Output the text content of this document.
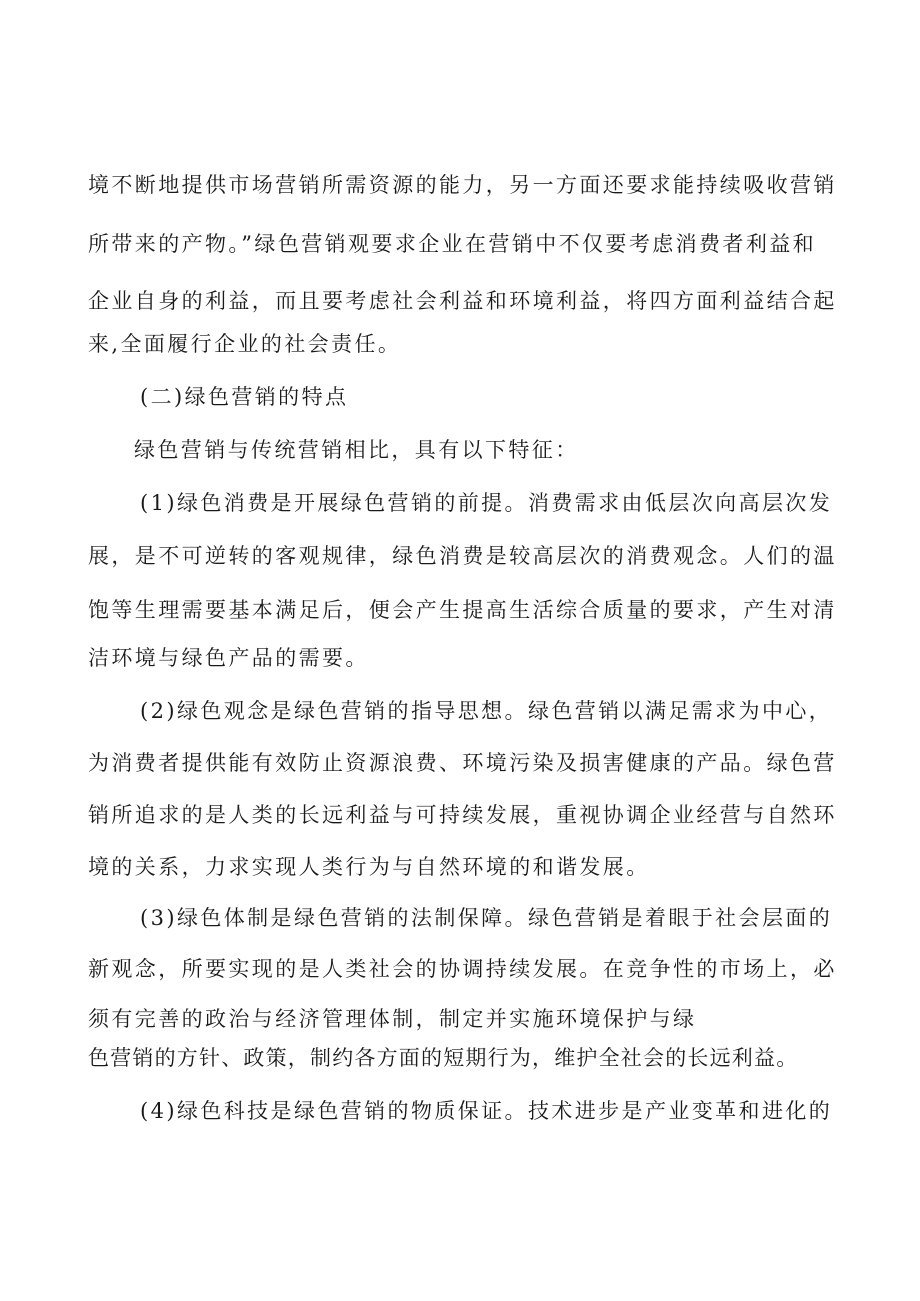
境不断地提供市场营销所需资源的能力，另一方面还要求能持续吸收营销
所带来的产物。”绿色营销观要求企业在营销中不仅要考虑消费者利益和
企业自身的利益，而且要考虑社会利益和环境利益，将四方面利益结合起
来,全面履行企业的社会责任。
(二)绿色营销的特点
绿色营销与传统营销相比，具有以下特征：
(1)绿色消费是开展绿色营销的前提。消费需求由低层次向高层次发
展，是不可逆转的客观规律，绿色消费是较高层次的消费观念。人们的温
饱等生理需要基本满足后，便会产生提高生活综合质量的要求，产生对清
洁环境与绿色产品的需要。
(2)绿色观念是绿色营销的指导思想。绿色营销以满足需求为中心，
为消费者提供能有效防止资源浪费、环境污染及损害健康的产品。绿色营
销所追求的是人类的长远利益与可持续发展，重视协调企业经营与自然环
境的关系，力求实现人类行为与自然环境的和谐发展。
(3)绿色体制是绿色营销的法制保障。绿色营销是着眼于社会层面的
新观念，所要实现的是人类社会的协调持续发展。在竞争性的市场上，必
须有完善的政治与经济管理体制，制定并实施环境保护与绿
色营销的方针、政策，制约各方面的短期行为，维护全社会的长远利益。
(4)绿色科技是绿色营销的物质保证。技术进步是产业变革和进化的
